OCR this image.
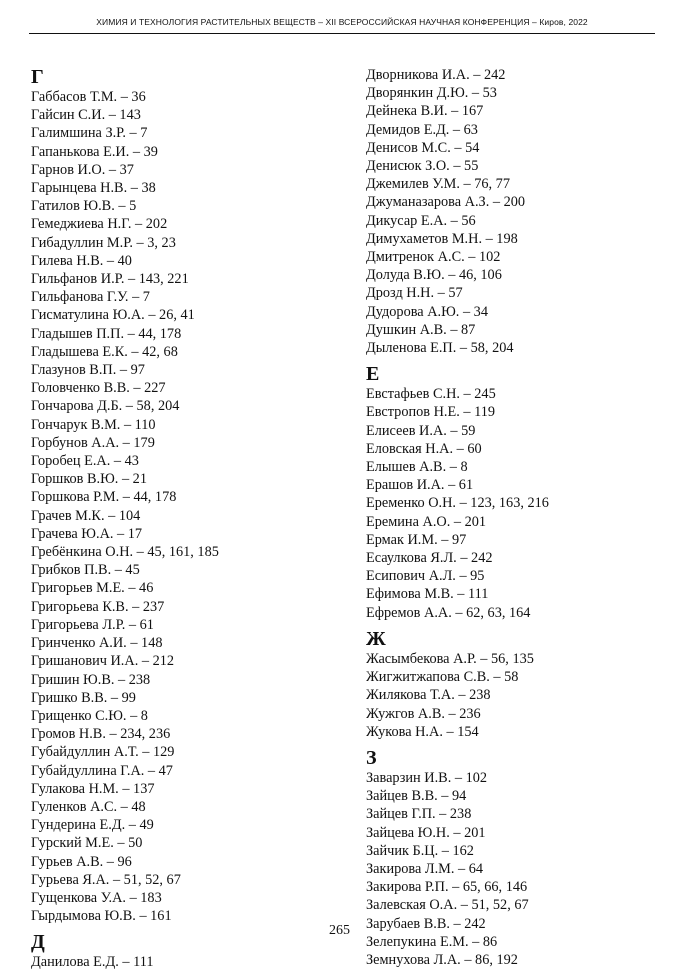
ХИМИЯ И ТЕХНОЛОГИЯ РАСТИТЕЛЬНЫХ ВЕЩЕСТВ – XII ВСЕРОССИЙСКАЯ НАУЧНАЯ КОНФЕРЕНЦИЯ – Киров, 2022
Г
Габбасов Т.М. – 36
Гайсин С.И. – 143
Галимшина З.Р. – 7
Гапанькова Е.И. – 39
Гарнов И.О. – 37
Гарынцева Н.В. – 38
Гатилов Ю.В. – 5
Гемеджиева Н.Г. – 202
Гибадуллин М.Р. – 3, 23
Гилева Н.В. – 40
Гильфанов И.Р. – 143, 221
Гильфанова Г.У. – 7
Гисматулина Ю.А. – 26, 41
Гладышев П.П. – 44, 178
Гладышева Е.К. – 42, 68
Глазунов В.П. – 97
Головченко В.В. – 227
Гончарова Д.Б. – 58, 204
Гончарук В.М. – 110
Горбунов А.А. – 179
Горобец Е.А. – 43
Горшков В.Ю. – 21
Горшкова Р.М. – 44, 178
Грачев М.К. – 104
Грачева Ю.А. – 17
Гребёнкина О.Н. – 45, 161, 185
Грибков П.В. – 45
Григорьев М.Е. – 46
Григорьева К.В. – 237
Григорьева Л.Р. – 61
Гринченко А.И. – 148
Гришанович И.А. – 212
Гришин Ю.В. – 238
Гришко В.В. – 99
Грищенко С.Ю. – 8
Громов Н.В. – 234, 236
Губайдуллин А.Т. – 129
Губайдуллина Г.А. – 47
Гулакова Н.М. – 137
Гуленков А.С. – 48
Гундерина Е.Д. – 49
Гурский М.Е. – 50
Гурьев А.В. – 96
Гурьева Я.А. – 51, 52, 67
Гущенкова У.А. – 183
Гырдымова Ю.В. – 161
Д
Данилова Е.Д. – 111
Дворникова И.А. – 242
Дворянкин Д.Ю. – 53
Дейнека В.И. – 167
Демидов Е.Д. – 63
Денисов М.С. – 54
Денисюк З.О. – 55
Джемилев У.М. – 76, 77
Джуманазарова А.З. – 200
Дикусар Е.А. – 56
Димухаметов М.Н. – 198
Дмитренок А.С. – 102
Долуда В.Ю. – 46, 106
Дрозд Н.Н. – 57
Дудорова А.Ю. – 34
Душкин А.В. – 87
Дыленова Е.П. – 58, 204
Е
Евстафьев С.Н. – 245
Евстропов Н.Е. – 119
Елисеев И.А. – 59
Еловская Н.А. – 60
Елышев А.В. – 8
Ерашов И.А. – 61
Еременко О.Н. – 123, 163, 216
Еремина А.О. – 201
Ермак И.М. – 97
Есаулкова Я.Л. – 242
Есипович А.Л. – 95
Ефимова М.В. – 111
Ефремов А.А. – 62, 63, 164
Ж
Жасымбекова А.Р. – 56, 135
Жигжитжапова С.В. – 58
Жилякова Т.А. – 238
Жужгов А.В. – 236
Жукова Н.А. – 154
З
Заварзин И.В. – 102
Зайцев В.В. – 94
Зайцев Г.П. – 238
Зайцева Ю.Н. – 201
Зайчик Б.Ц. – 162
Закирова Л.М. – 64
Закирова Р.П. – 65, 66, 146
Залевская О.А. – 51, 52, 67
Зарубаев В.В. – 242
Зелепукина Е.М. – 86
Земнухова Л.А. – 86, 192
265
